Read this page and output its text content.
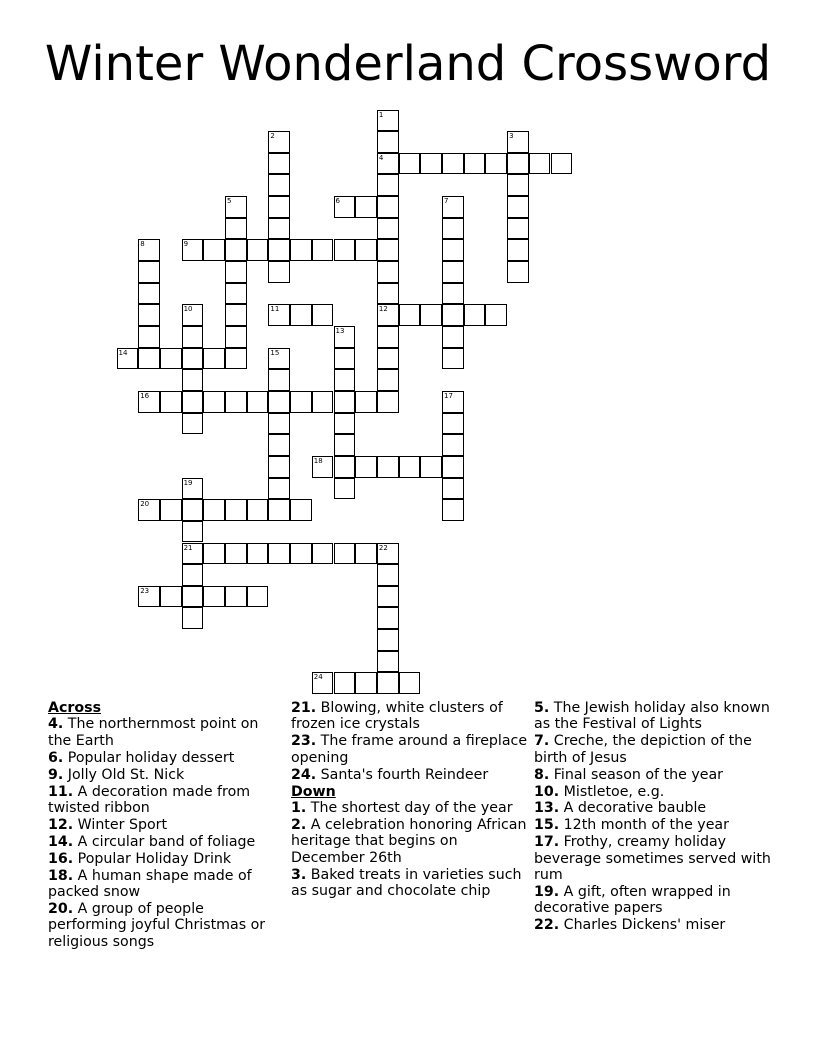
Winter Wonderland Crossword
1
4
12
2	3
5	6	7
8	9
10	11
13
14	15
16	17
18
19
21
20
22
23
24
Across
4. The northernmost point on the Earth
6. Popular holiday dessert
9. Jolly Old St. Nick
11. A decoration made from twisted ribbon
12. Winter Sport
14. A circular band of foliage
16. Popular Holiday Drink
18. A human shape made of packed snow
20. A group of people performing joyful Christmas or religious songs
21. Blowing, white clusters of frozen ice crystals
23. The frame around a fireplace opening
24. Santa's fourth Reindeer
Down
1. The shortest day of the year
2. A celebration honoring African heritage that begins on December 26th
3. Baked treats in varieties such as sugar and chocolate chip
5. The Jewish holiday also known as the Festival of Lights
7. Creche, the depiction of the birth of Jesus
8. Final season of the year
10. Mistletoe, e.g.
13. A decorative bauble
15. 12th month of the year
17. Frothy, creamy holiday beverage sometimes served with rum
19. A gift, often wrapped in decorative papers
22. Charles Dickens' miser
